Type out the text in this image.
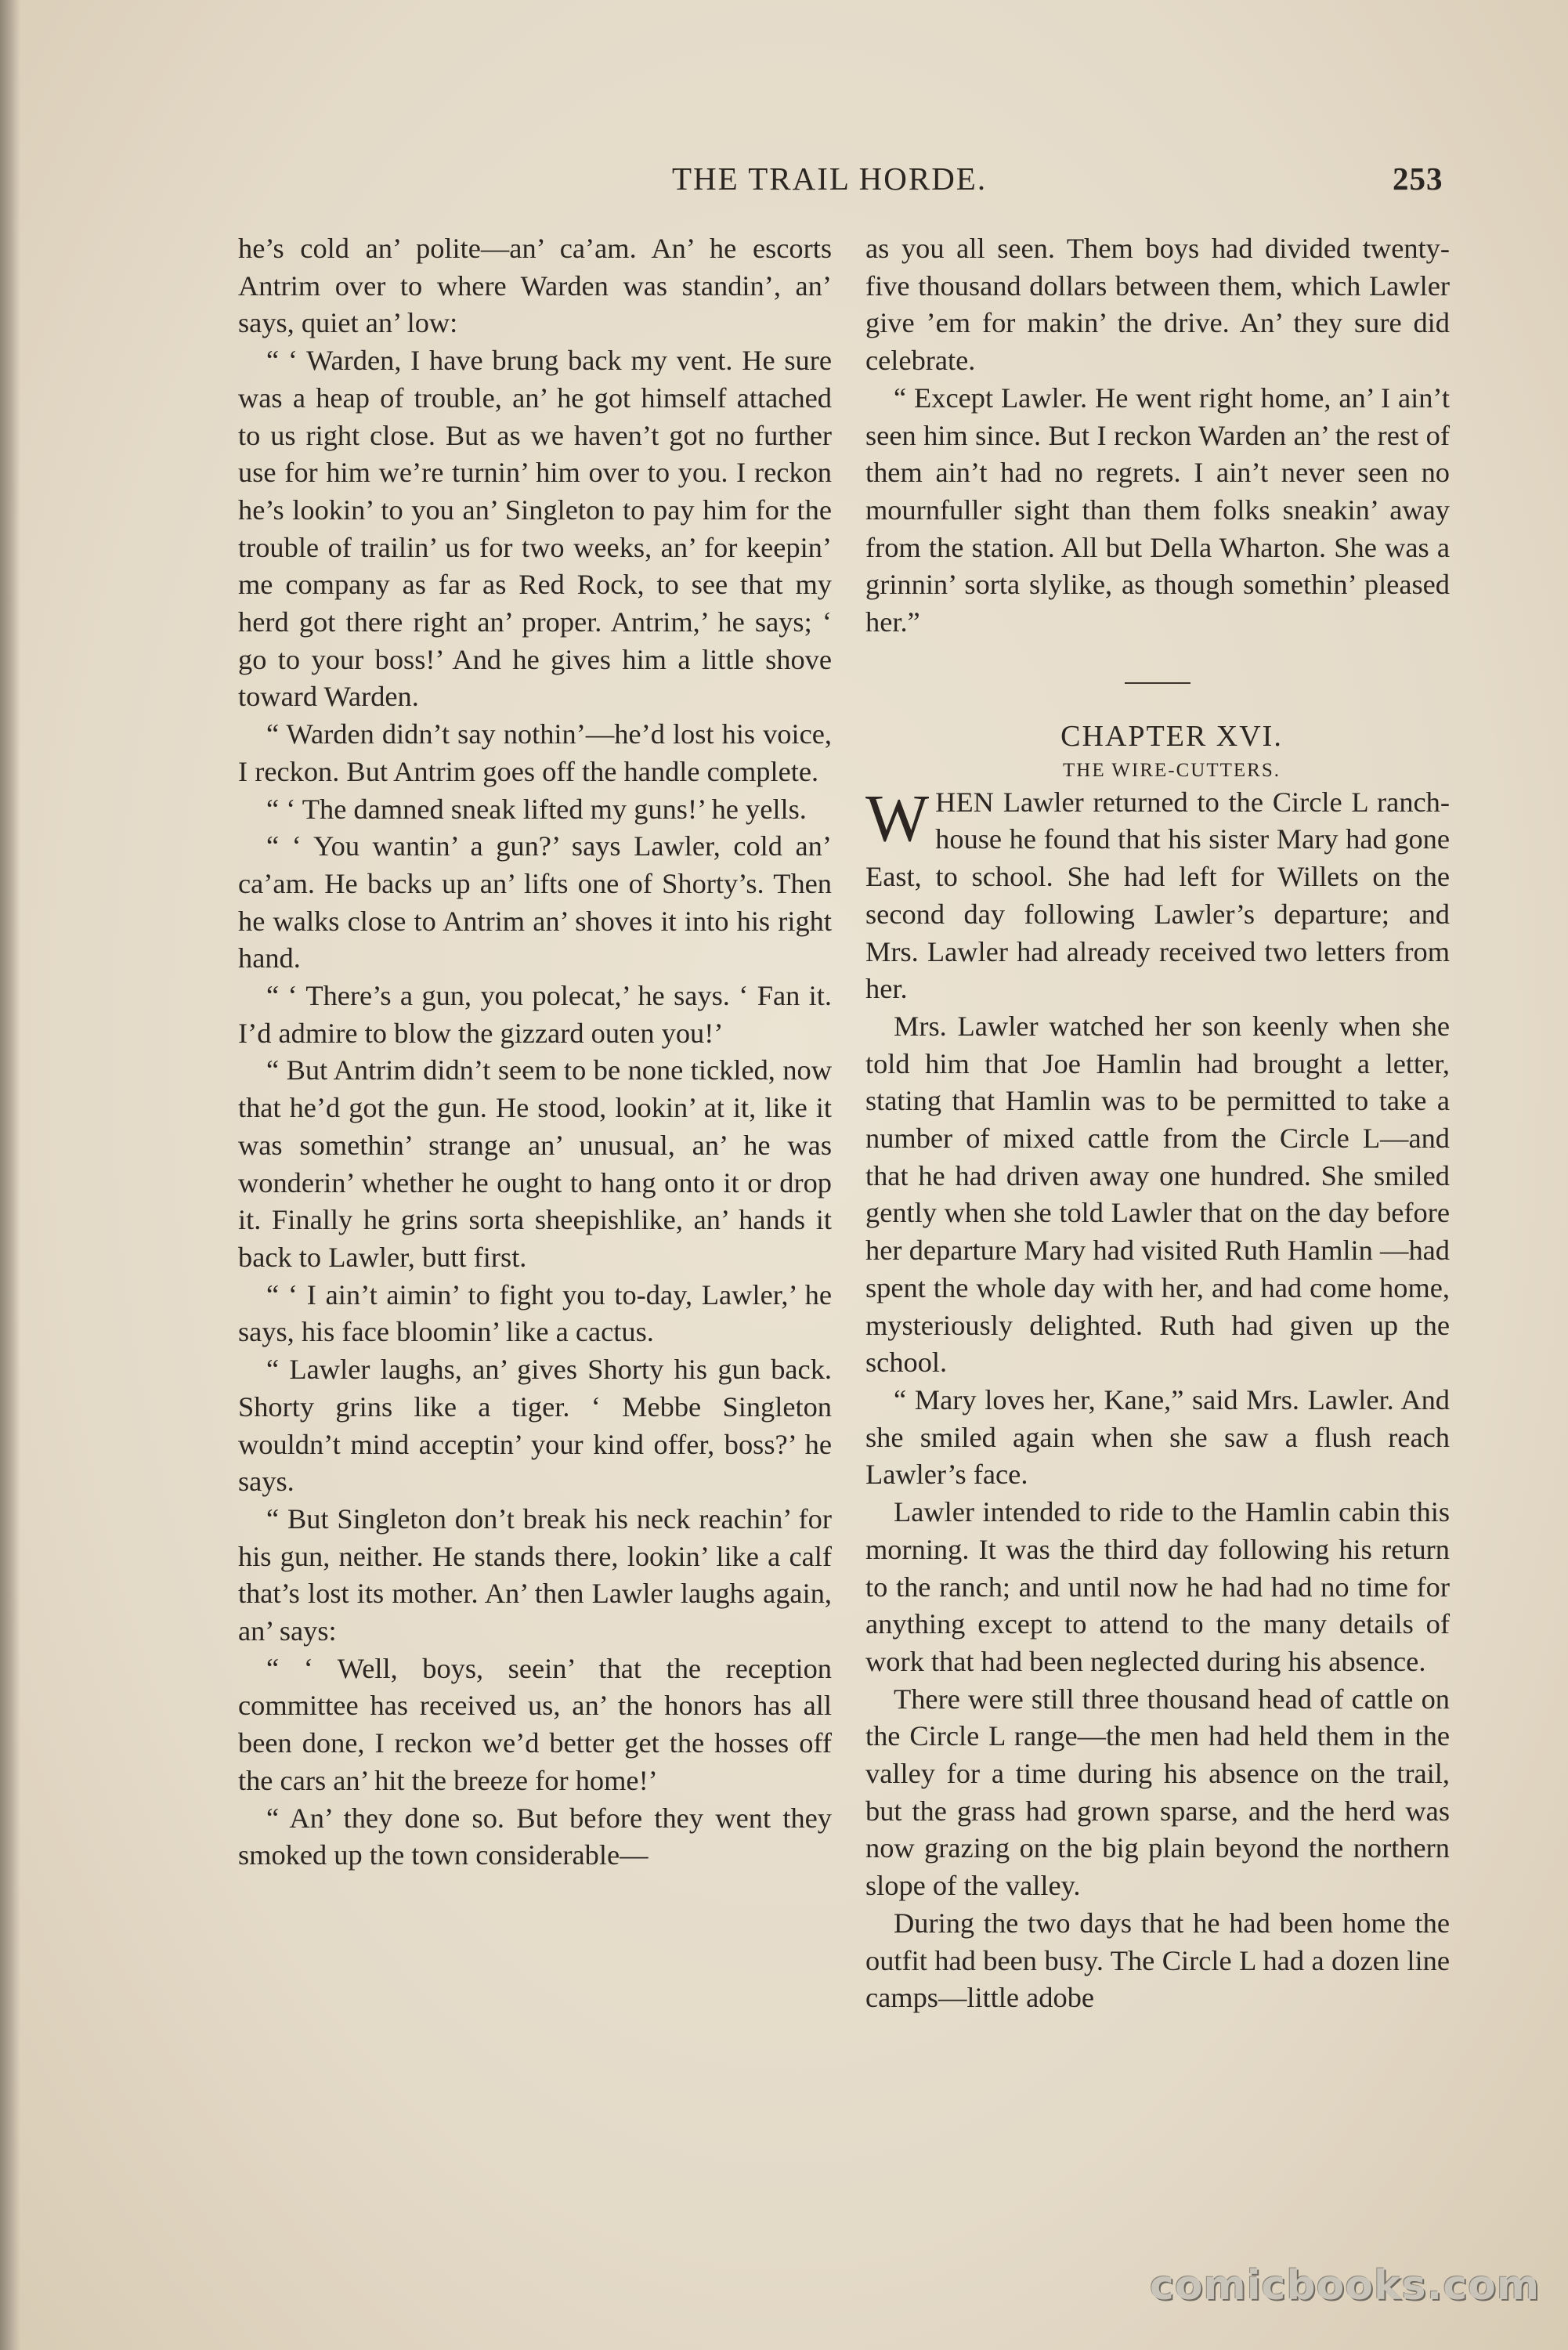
THE TRAIL HORDE.	253

he’s cold an’ polite—an’ ca’am. An’ he escorts Antrim over to where Warden was standin’, an’ says, quiet an’ low:

“ ‘ Warden, I have brung back my vent. He sure was a heap of trouble, an’ he got himself attached to us right close. But as we haven’t got no further use for him we’re turnin’ him over to you. I reckon he’s lookin’ to you an’ Singleton to pay him for the trouble of trailin’ us for two weeks, an’ for keepin’ me company as far as Red Rock, to see that my herd got there right an’ proper. Antrim,’ he says; ‘ go to your boss!’ And he gives him a little shove toward Warden.

“ Warden didn’t say nothin’—he’d lost his voice, I reckon. But Antrim goes off the handle complete.

“ ‘ The damned sneak lifted my guns!’ he yells.

“ ‘ You wantin’ a gun?’ says Lawler, cold an’ ca’am. He backs up an’ lifts one of Shorty’s. Then he walks close to Antrim an’ shoves it into his right hand.

“ ‘ There’s a gun, you polecat,’ he says. ‘ Fan it. I’d admire to blow the gizzard outen you!’

“ But Antrim didn’t seem to be none tickled, now that he’d got the gun. He stood, lookin’ at it, like it was somethin’ strange an’ unusual, an’ he was wonderin’ whether he ought to hang onto it or drop it. Finally he grins sorta sheepishlike, an’ hands it back to Lawler, butt first.

“ ‘ I ain’t aimin’ to fight you to-day, Lawler,’ he says, his face bloomin’ like a cactus.

“ Lawler laughs, an’ gives Shorty his gun back. Shorty grins like a tiger. ‘ Mebbe Singleton wouldn’t mind acceptin’ your kind offer, boss?’ he says.

“ But Singleton don’t break his neck reachin’ for his gun, neither. He stands there, lookin’ like a calf that’s lost its mother. An’ then Lawler laughs again, an’ says:

“ ‘ Well, boys, seein’ that the reception committee has received us, an’ the honors has all been done, I reckon we’d better get the hosses off the cars an’ hit the breeze for home!’

“ An’ they done so. But before they went they smoked up the town considerable—

as you all seen. Them boys had divided twenty-five thousand dollars between them, which Lawler give ’em for makin’ the drive. An’ they sure did celebrate.

“ Except Lawler. He went right home, an’ I ain’t seen him since. But I reckon Warden an’ the rest of them ain’t had no regrets. I ain’t never seen no mournfuller sight than them folks sneakin’ away from the station. All but Della Wharton. She was a grinnin’ sorta slylike, as though somethin’ pleased her.”

CHAPTER XVI.

THE WIRE-CUTTERS.

WHEN Lawler returned to the Circle L ranch-house he found that his sister Mary had gone East, to school. She had left for Willets on the second day following Lawler’s departure; and Mrs. Lawler had already received two letters from her.

Mrs. Lawler watched her son keenly when she told him that Joe Hamlin had brought a letter, stating that Hamlin was to be permitted to take a number of mixed cattle from the Circle L—and that he had driven away one hundred. She smiled gently when she told Lawler that on the day before her departure Mary had visited Ruth Hamlin —had spent the whole day with her, and had come home, mysteriously delighted. Ruth had given up the school.

“ Mary loves her, Kane,” said Mrs. Lawler. And she smiled again when she saw a flush reach Lawler’s face.

Lawler intended to ride to the Hamlin cabin this morning. It was the third day following his return to the ranch; and until now he had had no time for anything except to attend to the many details of work that had been neglected during his absence.

There were still three thousand head of cattle on the Circle L range—the men had held them in the valley for a time during his absence on the trail, but the grass had grown sparse, and the herd was now grazing on the big plain beyond the northern slope of the valley.

During the two days that he had been home the outfit had been busy. The Circle L had a dozen line camps—little adobe

comicbooks.com
